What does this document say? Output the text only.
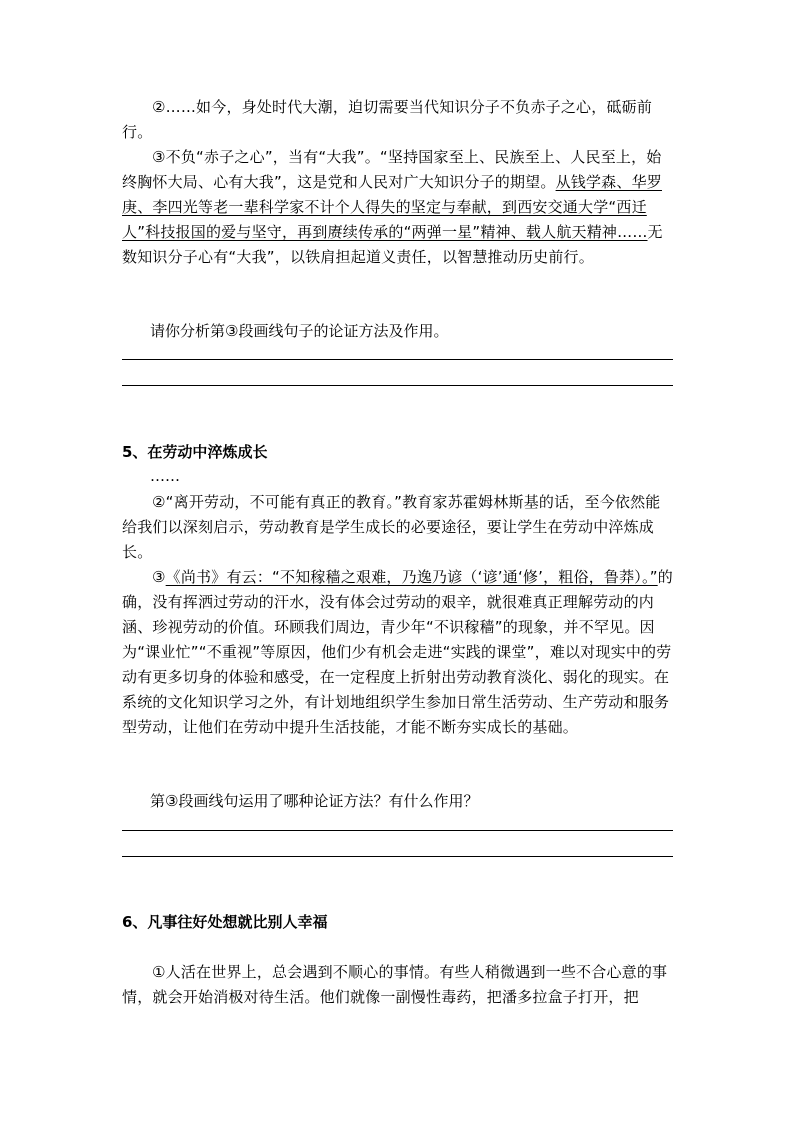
②……如今，身处时代大潮，迫切需要当代知识分子不负赤子之心，砥砺前行。

③不负“赤子之心”，当有“大我”。“坚持国家至上、民族至上、人民至上，始终胸怀大局、心有大我”，这是党和人民对广大知识分子的期望。从钱学森、华罗庚、李四光等老一辈科学家不计个人得失的坚定与奉献，到西安交通大学“西迁人”科技报国的爱与坚守，再到赓续传承的“两弹一星”精神、载人航天精神……无数知识分子心有“大我”，以铁肩担起道义责任，以智慧推动历史前行。

请你分析第③段画线句子的论证方法及作用。

5、在劳动中淬炼成长

……

②“离开劳动，不可能有真正的教育。”教育家苏霍姆林斯基的话，至今依然能给我们以深刻启示，劳动教育是学生成长的必要途径，要让学生在劳动中淬炼成长。

③《尚书》有云：“不知稼穑之艰难，乃逸乃谚（‘谚’通‘修’，粗俗，鲁莽）。”的确，没有挥洒过劳动的汗水，没有体会过劳动的艰辛，就很难真正理解劳动的内涵、珍视劳动的价值。环顾我们周边，青少年“不识稼穑”的现象，并不罕见。因为“课业忙”“不重视”等原因，他们少有机会走进“实践的课堂”，难以对现实中的劳动有更多切身的体验和感受，在一定程度上折射出劳动教育淡化、弱化的现实。在系统的文化知识学习之外，有计划地组织学生参加日常生活劳动、生产劳动和服务型劳动，让他们在劳动中提升生活技能，才能不断夯实成长的基础。

第③段画线句运用了哪种论证方法？有什么作用？

6、凡事往好处想就比别人幸福

①人活在世界上，总会遇到不顺心的事情。有些人稍微遇到一些不合心意的事情，就会开始消极对待生活。他们就像一副慢性毒药，把潘多拉盒子打开，把
